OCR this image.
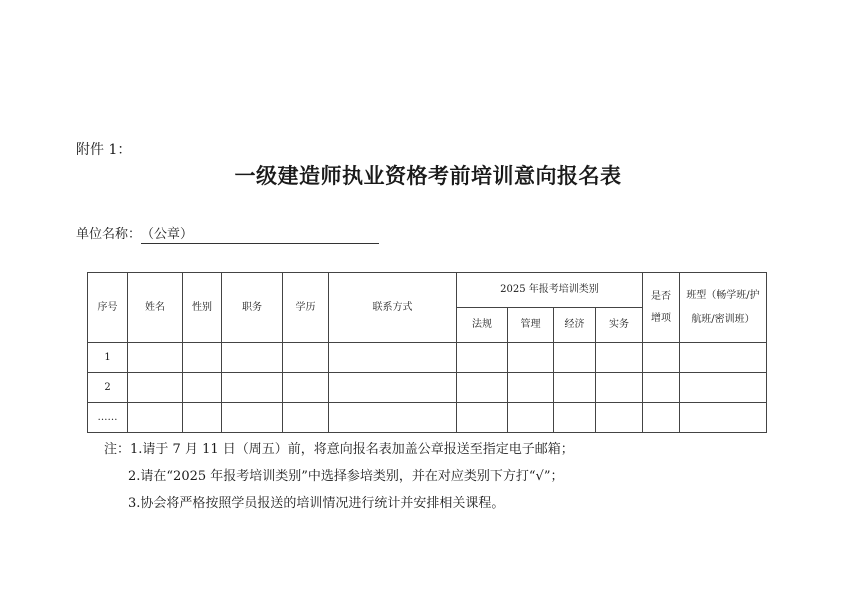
附件 1：
一级建造师执业资格考前培训意向报名表
单位名称：（公章）
序号	姓名	性别	职务	学历	联系方式	2025 年报考培训类别				是否增项	班型（畅学班/护航班/密训班）
						法规	管理	经济	实务		
1											
2											
……											
注：1.请于 7 月 11 日（周五）前，将意向报名表加盖公章报送至指定电子邮箱；
2.请在“2025 年报考培训类别”中选择参培类别，并在对应类别下方打“√”；
3.协会将严格按照学员报送的培训情况进行统计并安排相关课程。
